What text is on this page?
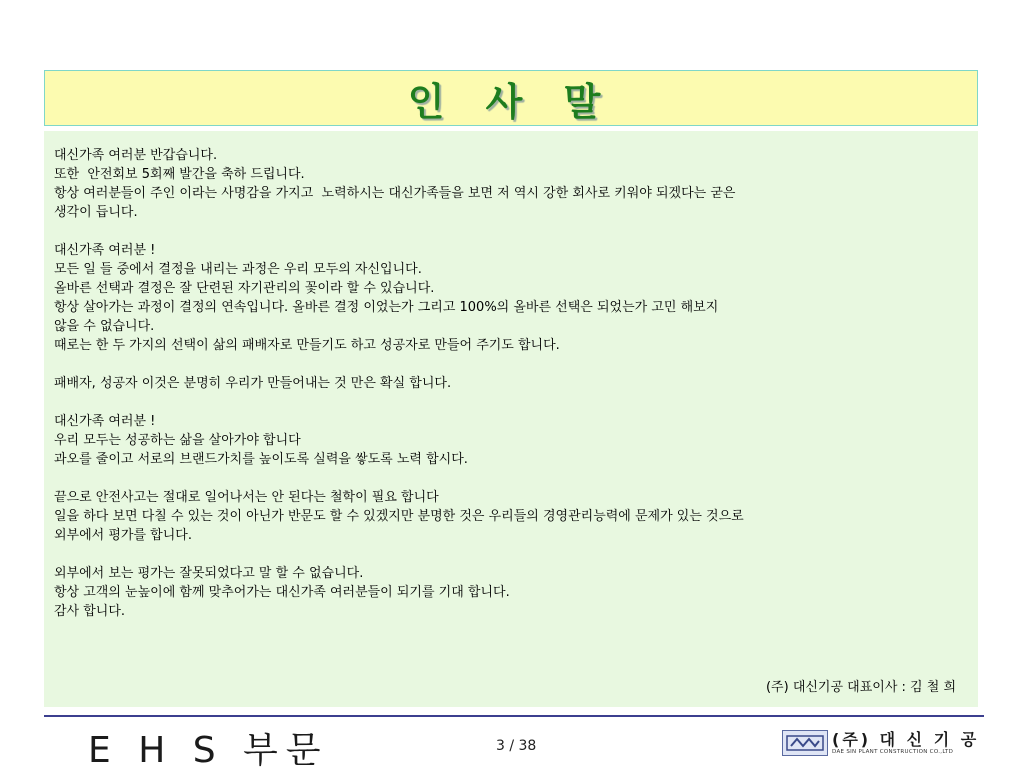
인 사 말
대신가족 여러분 반갑습니다.
또한  안전회보 5회째 발간을 축하 드립니다.
항상 여러분들이 주인 이라는 사명감을 가지고  노력하시는 대신가족들을 보면 저 역시 강한 회사로 키워야 되겠다는 굳은
생각이 듭니다.
대신가족 여러분 !
모든 일 들 중에서 결정을 내리는 과정은 우리 모두의 자신입니다.
올바른 선택과 결정은 잘 단련된 자기관리의 꽃이라 할 수 있습니다.
항상 살아가는 과정이 결정의 연속입니다. 올바른 결정 이었는가 그리고 100%의 올바른 선택은 되었는가 고민 해보지
않을 수 없습니다.
때로는 한 두 가지의 선택이 삶의 패배자로 만들기도 하고 성공자로 만들어 주기도 합니다.
패배자, 성공자 이것은 분명히 우리가 만들어내는 것 만은 확실 합니다.
대신가족 여러분 !
우리 모두는 성공하는 삶을 살아가야 합니다
과오를 줄이고 서로의 브랜드가치를 높이도록 실력을 쌓도록 노력 합시다.
끝으로 안전사고는 절대로 일어나서는 안 된다는 철학이 필요 합니다
일을 하다 보면 다칠 수 있는 것이 아닌가 반문도 할 수 있겠지만 분명한 것은 우리들의 경영관리능력에 문제가 있는 것으로
외부에서 평가를 합니다.
외부에서 보는 평가는 잘못되었다고 말 할 수 없습니다.
항상 고객의 눈높이에 함께 맞추어가는 대신가족 여러분들이 되기를 기대 합니다.
감사 합니다.
(주) 대신기공 대표이사 : 김 철 희
E H S 부문	3 / 38	(주) 대 신 기 공
DAE SIN PLANT CONSTRUCTION CO.,LTD
